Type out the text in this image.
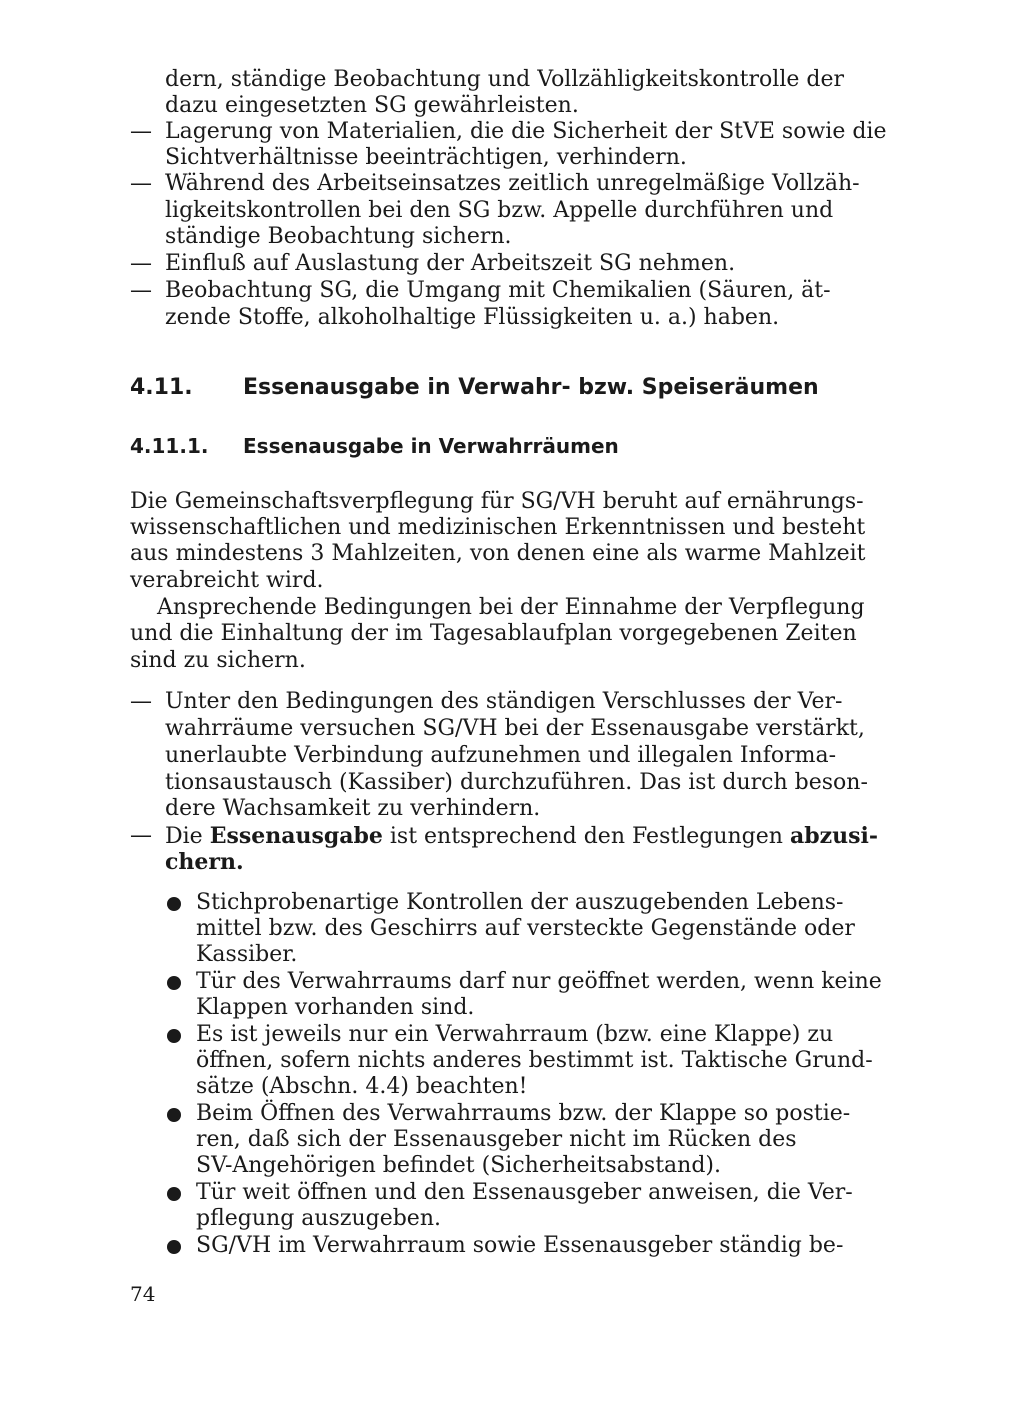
dern, ständige Beobachtung und Vollzähligkeitskontrolle der
dazu eingesetzten SG gewährleisten.
— Lagerung von Materialien, die die Sicherheit der StVE sowie die
Sichtverhältnisse beeinträchtigen, verhindern.
— Während des Arbeitseinsatzes zeitlich unregelmäßige Vollzäh-
ligkeitskontrollen bei den SG bzw. Appelle durchführen und
ständige Beobachtung sichern.
— Einfluß auf Auslastung der Arbeitszeit SG nehmen.
— Beobachtung SG, die Umgang mit Chemikalien (Säuren, ät-
zende Stoffe, alkoholhaltige Flüssigkeiten u. a.) haben.
4.11. Essenausgabe in Verwahr- bzw. Speiseräumen
4.11.1. Essenausgabe in Verwahrräumen
Die Gemeinschaftsverpflegung für SG/VH beruht auf ernährungs-
wissenschaftlichen und medizinischen Erkenntnissen und besteht
aus mindestens 3 Mahlzeiten, von denen eine als warme Mahlzeit
verabreicht wird.
Ansprechende Bedingungen bei der Einnahme der Verpflegung
und die Einhaltung der im Tagesablaufplan vorgegebenen Zeiten
sind zu sichern.
— Unter den Bedingungen des ständigen Verschlusses der Ver-
wahrräume versuchen SG/VH bei der Essenausgabe verstärkt,
unerlaubte Verbindung aufzunehmen und illegalen Informa-
tionsaustausch (Kassiber) durchzuführen. Das ist durch beson-
dere Wachsamkeit zu verhindern.
— Die Essenausgabe ist entsprechend den Festlegungen abzusi-
chern.
Stichprobenartige Kontrollen der auszugebenden Lebens-
mittel bzw. des Geschirrs auf versteckte Gegenstände oder
Kassiber.
Tür des Verwahrraums darf nur geöffnet werden, wenn keine
Klappen vorhanden sind.
Es ist jeweils nur ein Verwahrraum (bzw. eine Klappe) zu
öffnen, sofern nichts anderes bestimmt ist. Taktische Grund-
sätze (Abschn. 4.4) beachten!
Beim Öffnen des Verwahrraums bzw. der Klappe so postie-
ren, daß sich der Essenausgeber nicht im Rücken des
SV-Angehörigen befindet (Sicherheitsabstand).
Tür weit öffnen und den Essenausgeber anweisen, die Ver-
pflegung auszugeben.
SG/VH im Verwahrraum sowie Essenausgeber ständig be-
74
